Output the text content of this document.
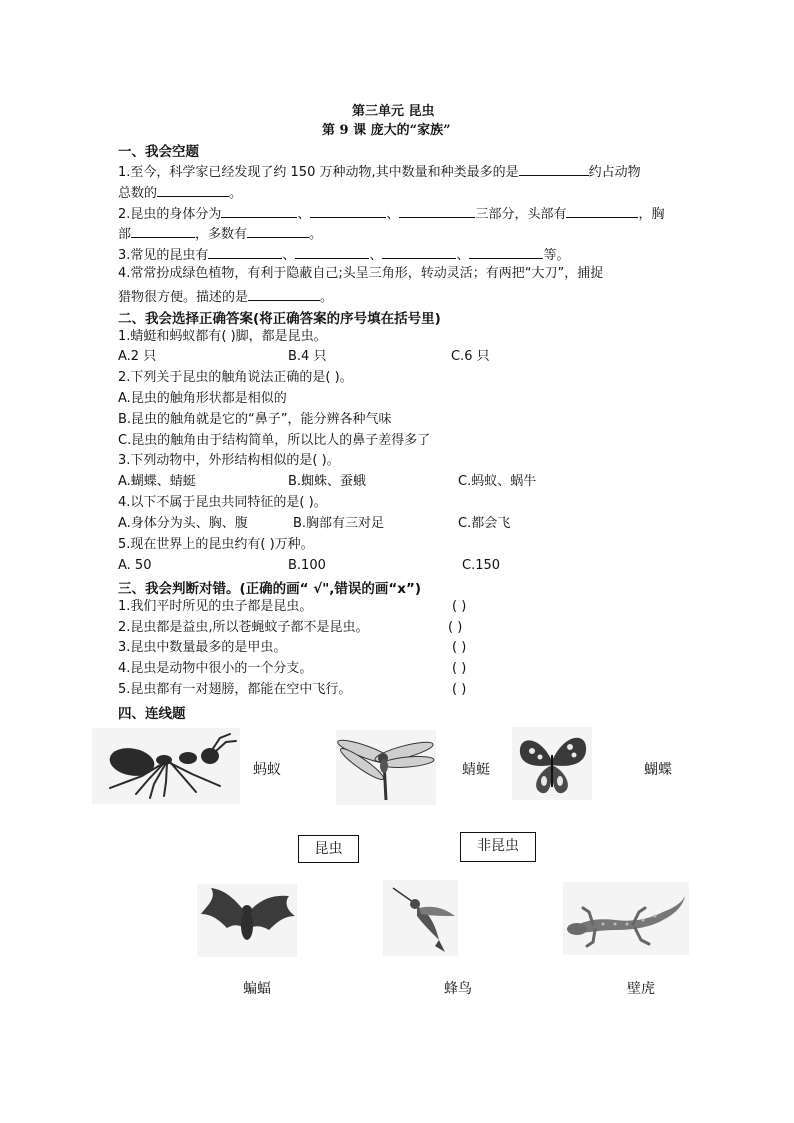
第三单元 昆虫
第 9 课 庞大的“家族”
一、我会空题
1.至今，科学家已经发现了约 150 万种动物,其中数量和种类最多的是	约占动物
总数的	。
2.昆虫的身体分为	、	、	三部分，头部有	，胸
部	，多数有	。
3.常见的昆虫有	、	、	、	等。
4.常常扮成绿色植物，有利于隐蔽自己;头呈三角形，转动灵活；有两把“大刀”，捕捉
猎物很方便。描述的是	。
二、我会选择正确答案(将正确答案的序号填在括号里)
1.蜻蜓和蚂蚁都有( )脚，都是昆虫。
A.2 只	B.4 只	C.6 只
2.下列关于昆虫的触角说法正确的是( )。
A.昆虫的触角形状都是相似的
B.昆虫的触角就是它的“鼻子”，能分辨各种气味
C.昆虫的触角由于结构简单，所以比人的鼻子差得多了
3.下列动物中，外形结构相似的是( )。
A.蝴蝶、蜻蜓	B.蜘蛛、蚕蛾	C.蚂蚁、蜗牛
4.以下不属于昆虫共同特征的是( )。
A.身体分为头、胸、腹	B.胸部有三对足	C.都会飞
5.现在世界上的昆虫约有( )万种。
A. 50	B.100	C.150
三、我会判断对错。(正确的画“ √",错误的画“x”)
1.我们平时所见的虫子都是昆虫。	( )
2.昆虫都是益虫,所以苍蝇蚊子都不是昆虫。	( )
3.昆虫中数量最多的是甲虫。	( )
4.昆虫是动物中很小的一个分支。	( )
5.昆虫都有一对翅膀，都能在空中飞行。	( )
四、连线题
蚂蚁	蜻蜓	蝴蝶
昆虫	非昆虫
蝙蝠	蜂鸟	壁虎
